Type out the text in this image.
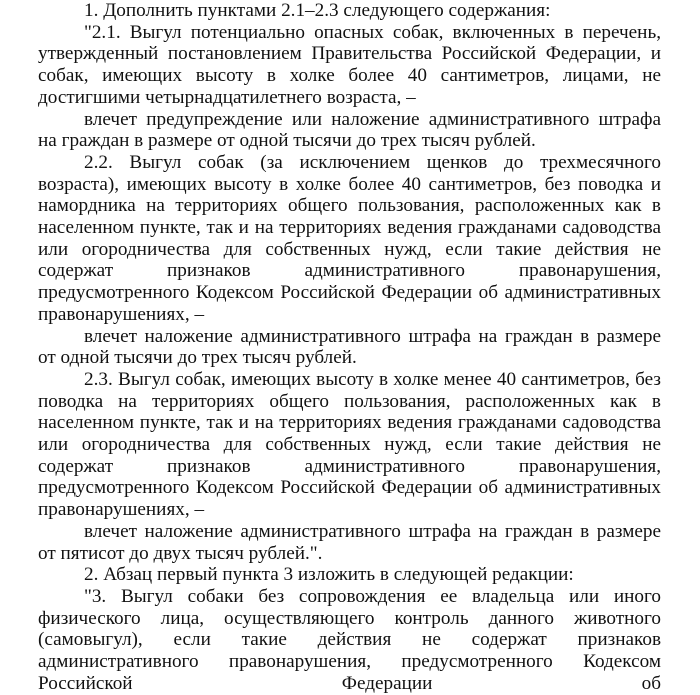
1. Дополнить пунктами 2.1–2.3 следующего содержания:

"2.1. Выгул потенциально опасных собак, включенных в перечень, утвержденный постановлением Правительства Российской Федерации, и собак, имеющих высоту в холке более 40 сантиметров, лицами, не достигшими четырнадцатилетнего возраста, –

влечет предупреждение или наложение административного штрафа на граждан в размере от одной тысячи до трех тысяч рублей.

2.2. Выгул собак (за исключением щенков до трехмесячного возраста), имеющих высоту в холке более 40 сантиметров, без поводка и намордника на территориях общего пользования, расположенных как в населенном пункте, так и на территориях ведения гражданами садоводства или огородничества для собственных нужд, если такие действия не содержат признаков административного правонарушения, предусмотренного Кодексом Российской Федерации об административных правонарушениях, –

влечет наложение административного штрафа на граждан в размере от одной тысячи до трех тысяч рублей.

2.3. Выгул собак, имеющих высоту в холке менее 40 сантиметров, без поводка на территориях общего пользования, расположенных как в населенном пункте, так и на территориях ведения гражданами садоводства или огородничества для собственных нужд, если такие действия не содержат признаков административного правонарушения, предусмотренного Кодексом Российской Федерации об административных правонарушениях, –

влечет наложение административного штрафа на граждан в размере от пятисот до двух тысяч рублей.".

2. Абзац первый пункта 3 изложить в следующей редакции:

"3. Выгул собаки без сопровождения ее владельца или иного физического лица, осуществляющего контроль данного животного (самовыгул), если такие действия не содержат признаков административного правонарушения, предусмотренного Кодексом Российской Федерации об
